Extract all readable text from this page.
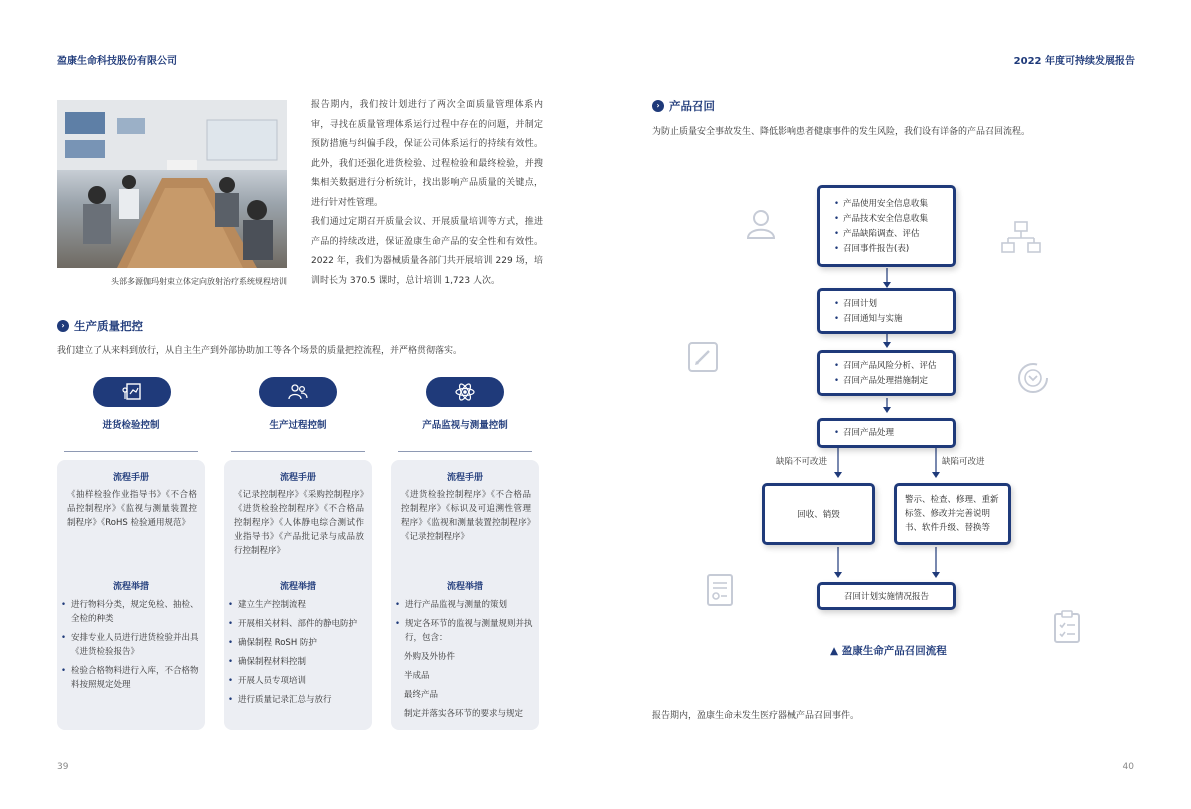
盈康生命科技股份有限公司	2022 年度可持续发展报告
头部多源伽玛射束立体定向放射治疗系统规程培训
报告期内，我们按计划进行了两次全面质量管理体系内审，寻找在质量管理体系运行过程中存在的问题，并制定预防措施与纠偏手段，保证公司体系运行的持续有效性。此外，我们还强化进货检验、过程检验和最终检验，并搜集相关数据进行分析统计，找出影响产品质量的关键点，进行针对性管理。
我们通过定期召开质量会议、开展质量培训等方式，推进产品的持续改进，保证盈康生命产品的安全性和有效性。2022 年，我们为器械质量各部门共开展培训 229 场，培训时长为 370.5 课时，总计培训 1,723 人次。
› 生产质量把控
我们建立了从来料到放行，从自主生产到外部协助加工等各个场景的质量把控流程，并严格贯彻落实。
进货检验控制
流程手册
《抽样检验作业指导书》《不合格品控制程序》《监视与测量装置控制程序》《RoHS 检验通用规范》
流程举措
• 进行物料分类，规定免检、抽检、全检的种类
• 安排专业人员进行进货检验并出具《进货检验报告》
• 检验合格物料进行入库，不合格物料按照规定处理
生产过程控制
流程手册
《记录控制程序》《采购控制程序》《进货检验控制程序》《不合格品控制程序》《人体静电综合测试作业指导书》《产品批记录与成品放行控制程序》
流程举措
• 建立生产控制流程
• 开展相关材料、部件的静电防护
• 确保制程 RoSH 防护
• 确保制程材料控制
• 开展人员专项培训
• 进行质量记录汇总与放行
产品监视与测量控制
流程手册
《进货检验控制程序》《不合格品控制程序》《标识及可追溯性管理程序》《监视和测量装置控制程序》《记录控制程序》
流程举措
• 进行产品监视与测量的策划
• 规定各环节的监视与测量规则并执行，包含：
外购及外协件
半成品
最终产品
制定并落实各环节的要求与规定
39
› 产品召回
为防止质量安全事故发生、降低影响患者健康事件的发生风险，我们设有详备的产品召回流程。
• 产品使用安全信息收集
• 产品技术安全信息收集
• 产品缺陷调查、评估
• 召回事件报告(表)
• 召回计划
• 召回通知与实施
• 召回产品风险分析、评估
• 召回产品处理措施制定
• 召回产品处理
缺陷不可改进	缺陷可改进
回收、销毁
警示、检查、修理、重新标签、修改并完善说明书、软件升级、替换等
召回计划实施情况报告
▲ 盈康生命产品召回流程
报告期内，盈康生命未发生医疗器械产品召回事件。
40
